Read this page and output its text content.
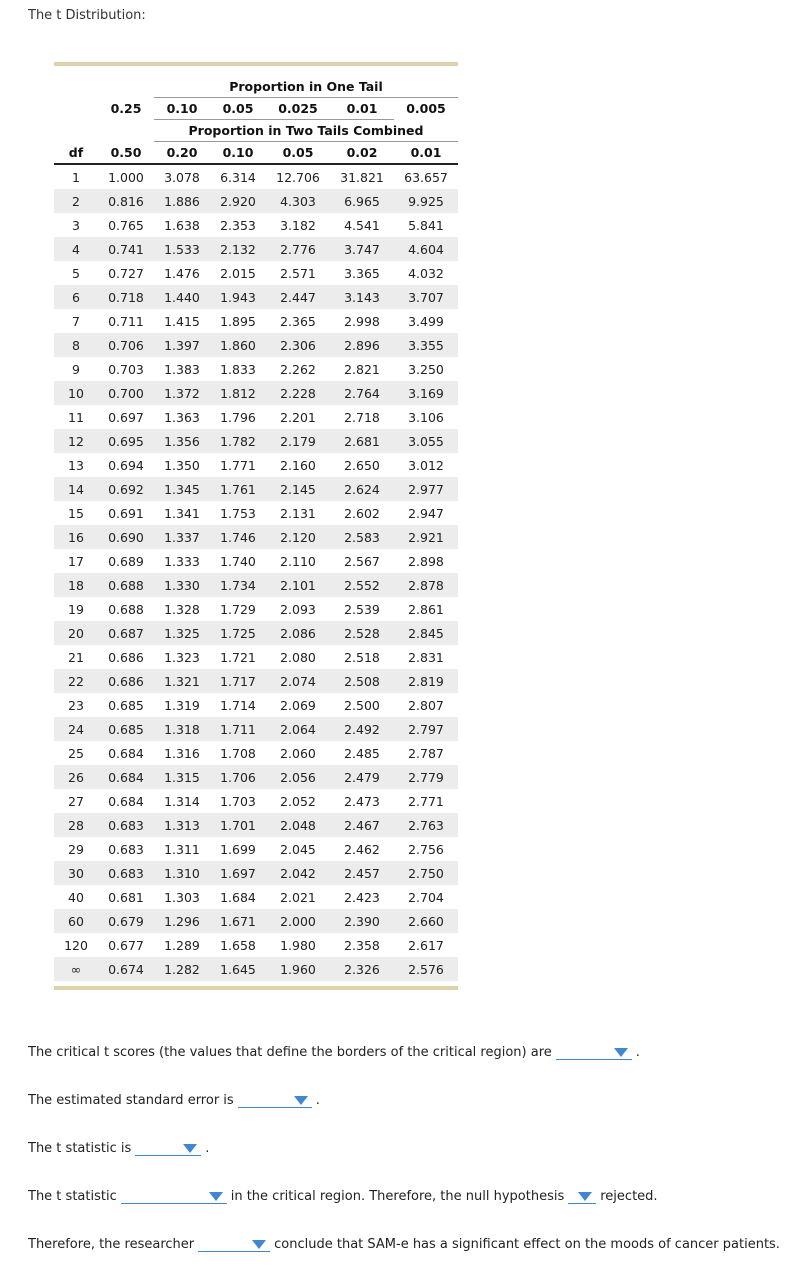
The t Distribution:

		Proportion in One Tail				
	0.25	0.10	0.05	0.025	0.01	0.005
		Proportion in Two Tails Combined				
df	0.50	0.20	0.10	0.05	0.02	0.01
1	1.000	3.078	6.314	12.706	31.821	63.657
2	0.816	1.886	2.920	4.303	6.965	9.925
3	0.765	1.638	2.353	3.182	4.541	5.841
4	0.741	1.533	2.132	2.776	3.747	4.604
5	0.727	1.476	2.015	2.571	3.365	4.032
6	0.718	1.440	1.943	2.447	3.143	3.707
7	0.711	1.415	1.895	2.365	2.998	3.499
8	0.706	1.397	1.860	2.306	2.896	3.355
9	0.703	1.383	1.833	2.262	2.821	3.250
10	0.700	1.372	1.812	2.228	2.764	3.169
11	0.697	1.363	1.796	2.201	2.718	3.106
12	0.695	1.356	1.782	2.179	2.681	3.055
13	0.694	1.350	1.771	2.160	2.650	3.012
14	0.692	1.345	1.761	2.145	2.624	2.977
15	0.691	1.341	1.753	2.131	2.602	2.947
16	0.690	1.337	1.746	2.120	2.583	2.921
17	0.689	1.333	1.740	2.110	2.567	2.898
18	0.688	1.330	1.734	2.101	2.552	2.878
19	0.688	1.328	1.729	2.093	2.539	2.861
20	0.687	1.325	1.725	2.086	2.528	2.845
21	0.686	1.323	1.721	2.080	2.518	2.831
22	0.686	1.321	1.717	2.074	2.508	2.819
23	0.685	1.319	1.714	2.069	2.500	2.807
24	0.685	1.318	1.711	2.064	2.492	2.797
25	0.684	1.316	1.708	2.060	2.485	2.787
26	0.684	1.315	1.706	2.056	2.479	2.779
27	0.684	1.314	1.703	2.052	2.473	2.771
28	0.683	1.313	1.701	2.048	2.467	2.763
29	0.683	1.311	1.699	2.045	2.462	2.756
30	0.683	1.310	1.697	2.042	2.457	2.750
40	0.681	1.303	1.684	2.021	2.423	2.704
60	0.679	1.296	1.671	2.000	2.390	2.660
120	0.677	1.289	1.658	1.980	2.358	2.617
∞	0.674	1.282	1.645	1.960	2.326	2.576
The critical t scores (the values that define the borders of the critical region) are	.
The estimated standard error is	.
The t statistic is	.
The t statistic	in the critical region. Therefore, the null hypothesis	rejected.
Therefore, the researcher	conclude that SAM-e has a significant effect on the moods of cancer patients.
